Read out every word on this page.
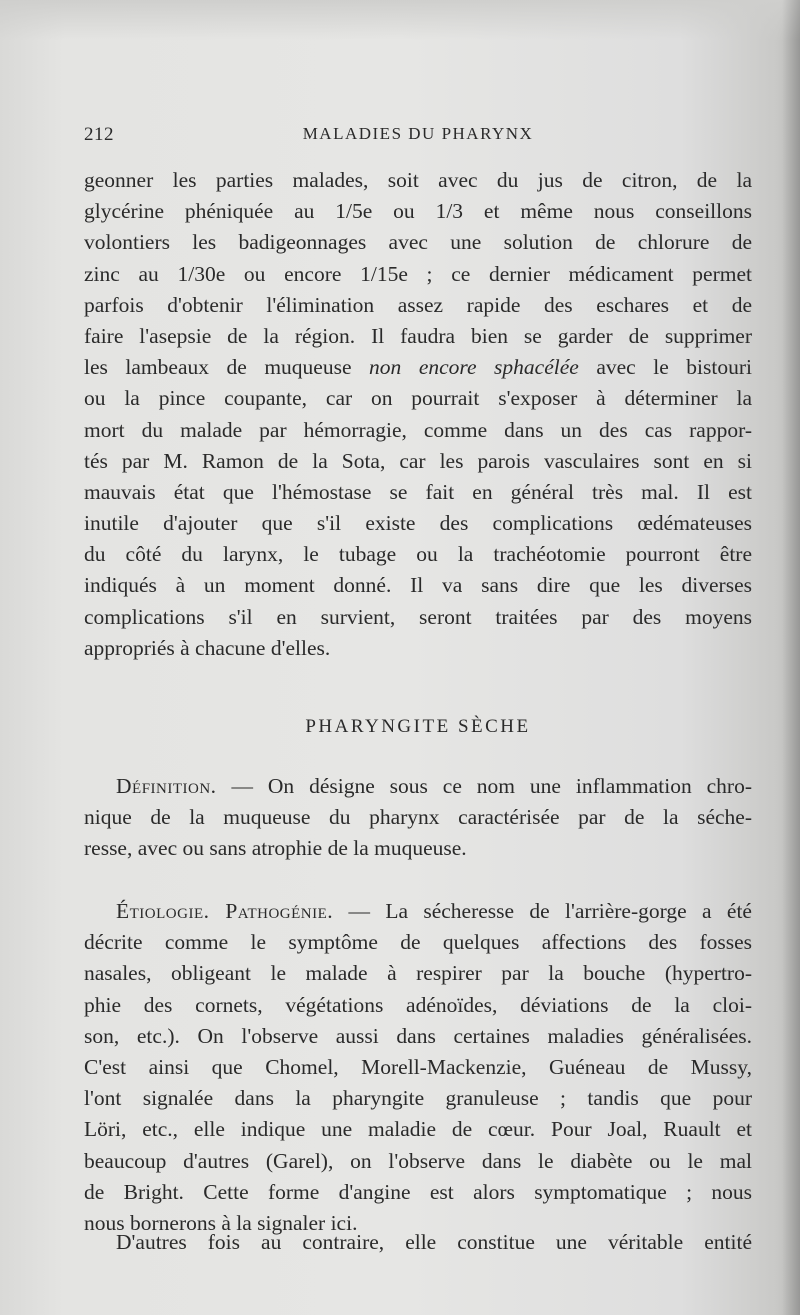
212	MALADIES DU PHARYNX
geonner les parties malades, soit avec du jus de citron, de la
glycérine phéniquée au 1/5e ou 1/3 et même nous conseillons
volontiers les badigeonnages avec une solution de chlorure de
zinc au 1/30e ou encore 1/15e ; ce dernier médicament permet
parfois d'obtenir l'élimination assez rapide des eschares et de
faire l'asepsie de la région. Il faudra bien se garder de supprimer
les lambeaux de muqueuse non encore sphacélée avec le bistouri
ou la pince coupante, car on pourrait s'exposer à déterminer la
mort du malade par hémorragie, comme dans un des cas rappor-
tés par M. Ramon de la Sota, car les parois vasculaires sont en si
mauvais état que l'hémostase se fait en général très mal. Il est
inutile d'ajouter que s'il existe des complications œdémateuses
du côté du larynx, le tubage ou la trachéotomie pourront être
indiqués à un moment donné. Il va sans dire que les diverses
complications s'il en survient, seront traitées par des moyens
appropriés à chacune d'elles.
PHARYNGITE SÈCHE
Définition. — On désigne sous ce nom une inflammation chro-
nique de la muqueuse du pharynx caractérisée par de la séche-
resse, avec ou sans atrophie de la muqueuse.
Étiologie. Pathogénie. — La sécheresse de l'arrière-gorge a été
décrite comme le symptôme de quelques affections des fosses
nasales, obligeant le malade à respirer par la bouche (hypertro-
phie des cornets, végétations adénoïdes, déviations de la cloi-
son, etc.). On l'observe aussi dans certaines maladies généralisées.
C'est ainsi que Chomel, Morell-Mackenzie, Guéneau de Mussy,
l'ont signalée dans la pharyngite granuleuse ; tandis que pour
Löri, etc., elle indique une maladie de cœur. Pour Joal, Ruault et
beaucoup d'autres (Garel), on l'observe dans le diabète ou le mal
de Bright. Cette forme d'angine est alors symptomatique ; nous
nous bornerons à la signaler ici.
D'autres fois au contraire, elle constitue une véritable entité
